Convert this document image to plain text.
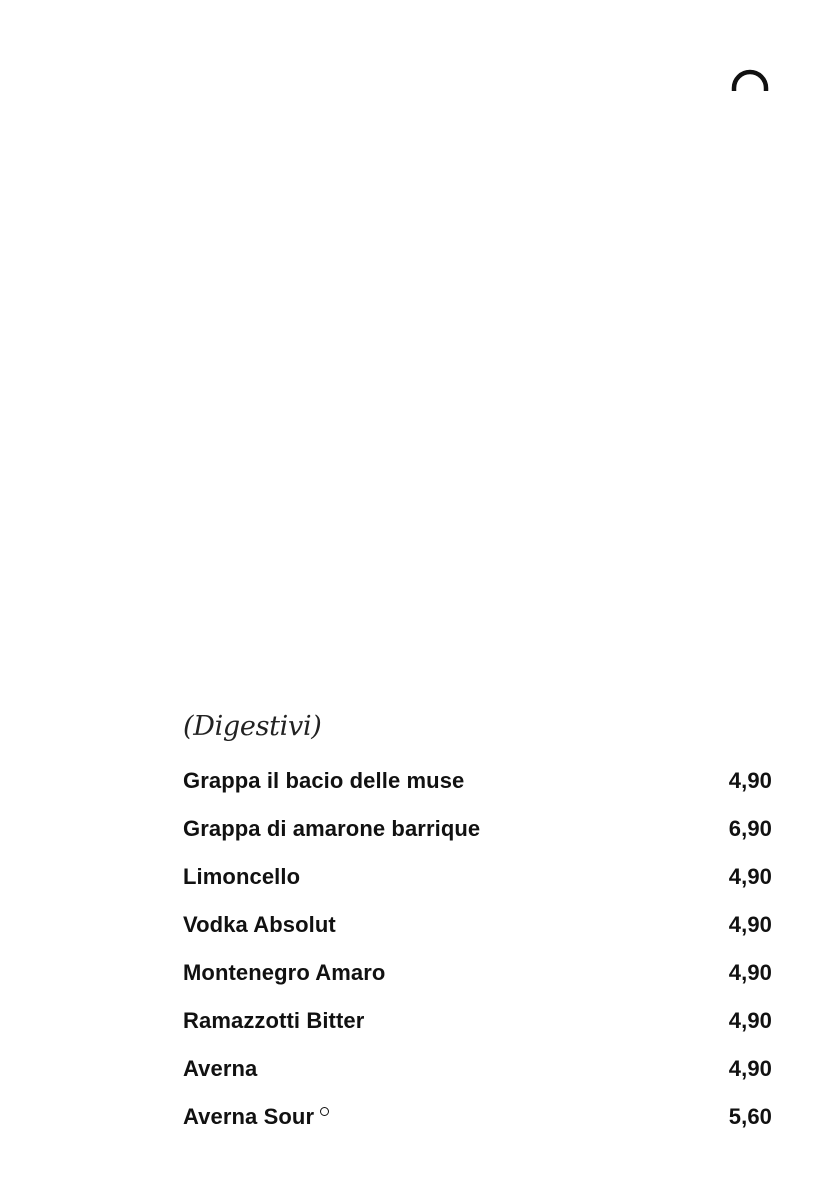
(Digestivi)
Grappa il bacio delle muse	4,90
Grappa di amarone barrique	6,90
Limoncello	4,90
Vodka Absolut	4,90
Montenegro Amaro	4,90
Ramazzotti Bitter	4,90
Averna	4,90
Averna Sour	5,60
